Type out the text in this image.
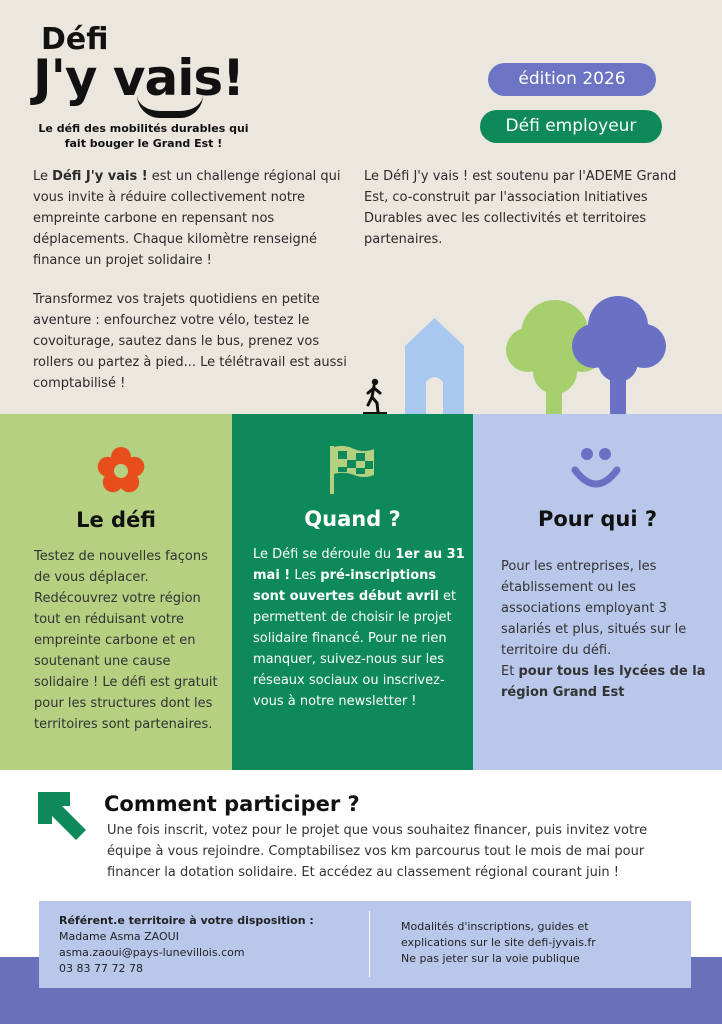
Défi
J'y vais!
Le défi des mobilités durables qui fait bouger le Grand Est !
édition 2026
Défi employeur
Le Défi J'y vais ! est un challenge régional qui vous invite à réduire collectivement notre empreinte carbone en repensant nos déplacements. Chaque kilomètre renseigné finance un projet solidaire !
Transformez vos trajets quotidiens en petite aventure : enfourchez votre vélo, testez le covoiturage, sautez dans le bus, prenez vos rollers ou partez à pied... Le télétravail est aussi comptabilisé !
Le Défi J'y vais ! est soutenu par l'ADEME Grand Est, co-construit par l'association Initiatives Durables avec les collectivités et territoires partenaires.
Le défi
Testez de nouvelles façons de vous déplacer. Redécouvrez votre région tout en réduisant votre empreinte carbone et en soutenant une cause solidaire ! Le défi est gratuit pour les structures dont les territoires sont partenaires.
Quand ?
Le Défi se déroule du 1er au 31 mai ! Les pré-inscriptions sont ouvertes début avril et permettent de choisir le projet solidaire financé. Pour ne rien manquer, suivez-nous sur les réseaux sociaux ou inscrivez-vous à notre newsletter !
Pour qui ?
Pour les entreprises, les établissement ou les associations employant 3 salariés et plus, situés sur le territoire du défi.
Et pour tous les lycées de la région Grand Est
Comment participer ?
Une fois inscrit, votez pour le projet que vous souhaitez financer, puis invitez votre équipe à vous rejoindre. Comptabilisez vos km parcourus tout le mois de mai pour financer la dotation solidaire. Et accédez au classement régional courant juin !
Référent.e territoire à votre disposition :
Madame Asma ZAOUI
asma.zaoui@pays-lunevillois.com
03 83 77 72 78
Modalités d'inscriptions, guides et
explications sur le site defi-jyvais.fr
Ne pas jeter sur la voie publique
